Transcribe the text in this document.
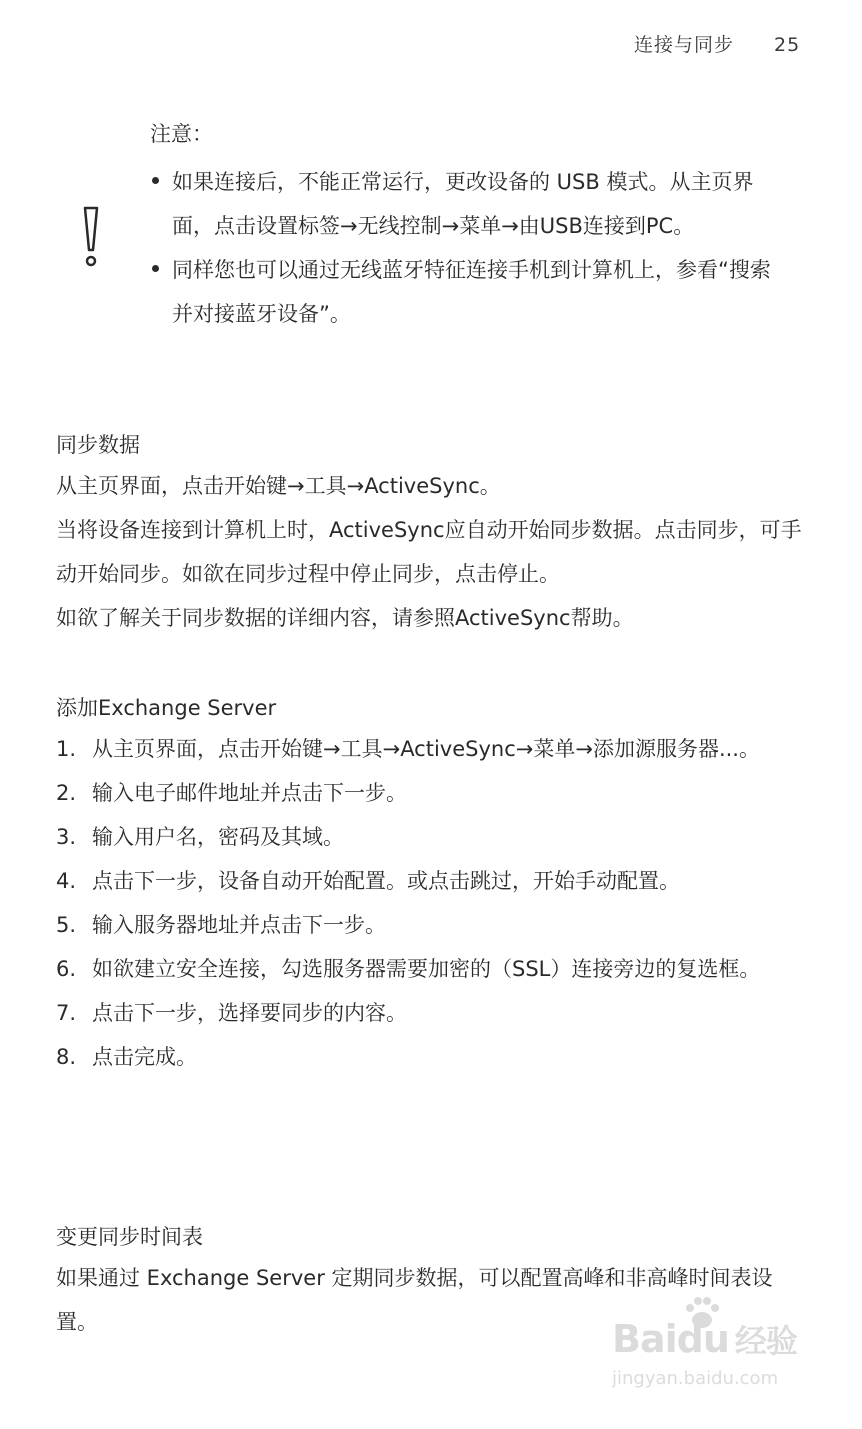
连接与同步 25
注意：
如果连接后，不能正常运行，更改设备的 USB 模式。从主页界面，点击设置标签→无线控制→菜单→由USB连接到PC。
同样您也可以通过无线蓝牙特征连接手机到计算机上，参看“搜索并对接蓝牙设备”。
同步数据

从主页界面，点击开始键→工具→ActiveSync。

当将设备连接到计算机上时，ActiveSync应自动开始同步数据。点击同步，可手动开始同步。如欲在同步过程中停止同步，点击停止。

如欲了解关于同步数据的详细内容，请参照ActiveSync帮助。

添加Exchange Server
1. 从主页界面，点击开始键→工具→ActiveSync→菜单→添加源服务器...。
2. 输入电子邮件地址并点击下一步。
3. 输入用户名，密码及其域。
4. 点击下一步，设备自动开始配置。或点击跳过，开始手动配置。
5. 输入服务器地址并点击下一步。
6. 如欲建立安全连接，勾选服务器需要加密的（SSL）连接旁边的复选框。
7. 点击下一步，选择要同步的内容。
8. 点击完成。
变更同步时间表

如果通过 Exchange Server 定期同步数据，可以配置高峰和非高峰时间表设置。	Baidu 经验
jingyan.baidu.com
